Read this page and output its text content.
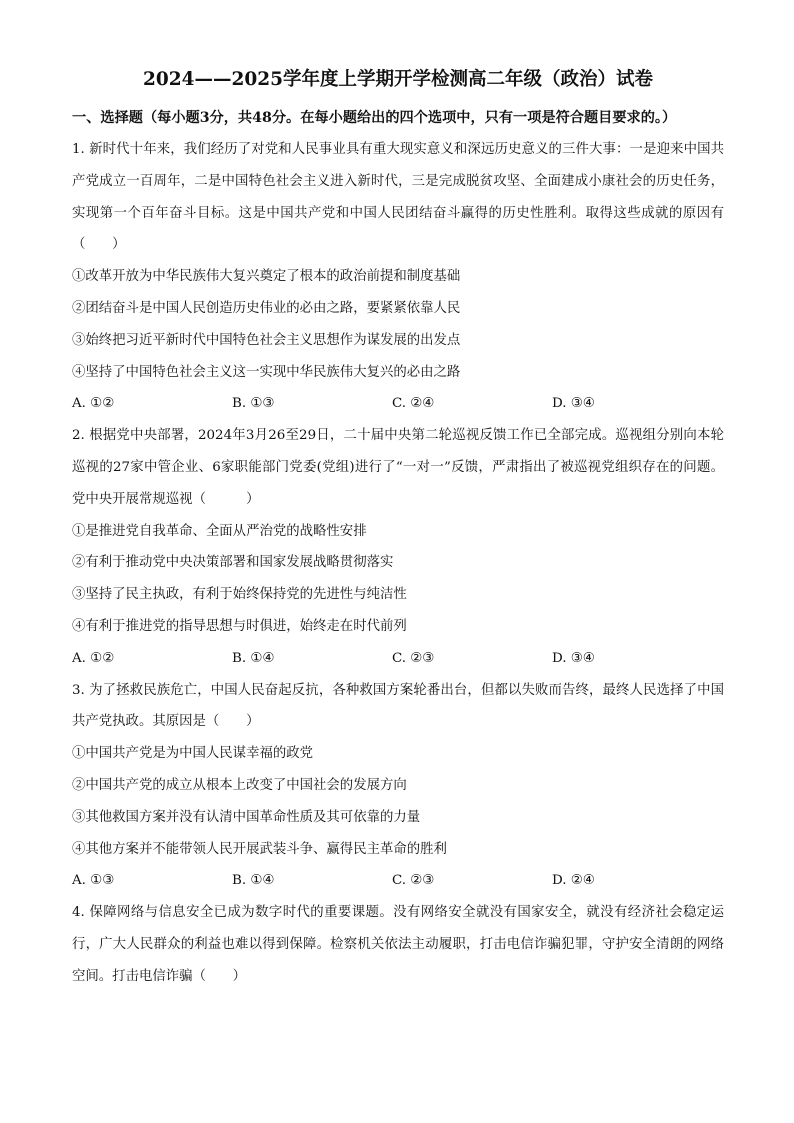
2024——2025学年度上学期开学检测高二年级（政治）试卷
一、选择题（每小题3分，共48分。在每小题给出的四个选项中，只有一项是符合题目要求的。）
1. 新时代十年来，我们经历了对党和人民事业具有重大现实意义和深远历史意义的三件大事：一是迎来中国共产党成立一百周年，二是中国特色社会主义进入新时代，三是完成脱贫攻坚、全面建成小康社会的历史任务，实现第一个百年奋斗目标。这是中国共产党和中国人民团结奋斗赢得的历史性胜利。取得这些成就的原因有（　　）
①改革开放为中华民族伟大复兴奠定了根本的政治前提和制度基础
②团结奋斗是中国人民创造历史伟业的必由之路，要紧紧依靠人民
③始终把习近平新时代中国特色社会主义思想作为谋发展的出发点
④坚持了中国特色社会主义这一实现中华民族伟大复兴的必由之路
A. ①②	B. ①③	C. ②④	D. ③④
2. 根据党中央部署，2024年3月26至29日，二十届中央第二轮巡视反馈工作已全部完成。巡视组分别向本轮巡视的27家中管企业、6家职能部门党委(党组)进行了“一对一”反馈，严肃指出了被巡视党组织存在的问题。党中央开展常规巡视（　　　）
①是推进党自我革命、全面从严治党的战略性安排
②有利于推动党中央决策部署和国家发展战略贯彻落实
③坚持了民主执政，有利于始终保持党的先进性与纯洁性
④有利于推进党的指导思想与时俱进，始终走在时代前列
A. ①②	B. ①④	C. ②③	D. ③④
3. 为了拯救民族危亡，中国人民奋起反抗，各种救国方案轮番出台，但都以失败而告终，最终人民选择了中国共产党执政。其原因是（　　）
①中国共产党是为中国人民谋幸福的政党
②中国共产党的成立从根本上改变了中国社会的发展方向
③其他救国方案并没有认清中国革命性质及其可依靠的力量
④其他方案并不能带领人民开展武装斗争、赢得民主革命的胜利
A. ①③	B. ①④	C. ②③	D. ②④
4. 保障网络与信息安全已成为数字时代的重要课题。没有网络安全就没有国家安全，就没有经济社会稳定运行，广大人民群众的利益也难以得到保障。检察机关依法主动履职，打击电信诈骗犯罪，守护安全清朗的网络空间。打击电信诈骗（　　）
